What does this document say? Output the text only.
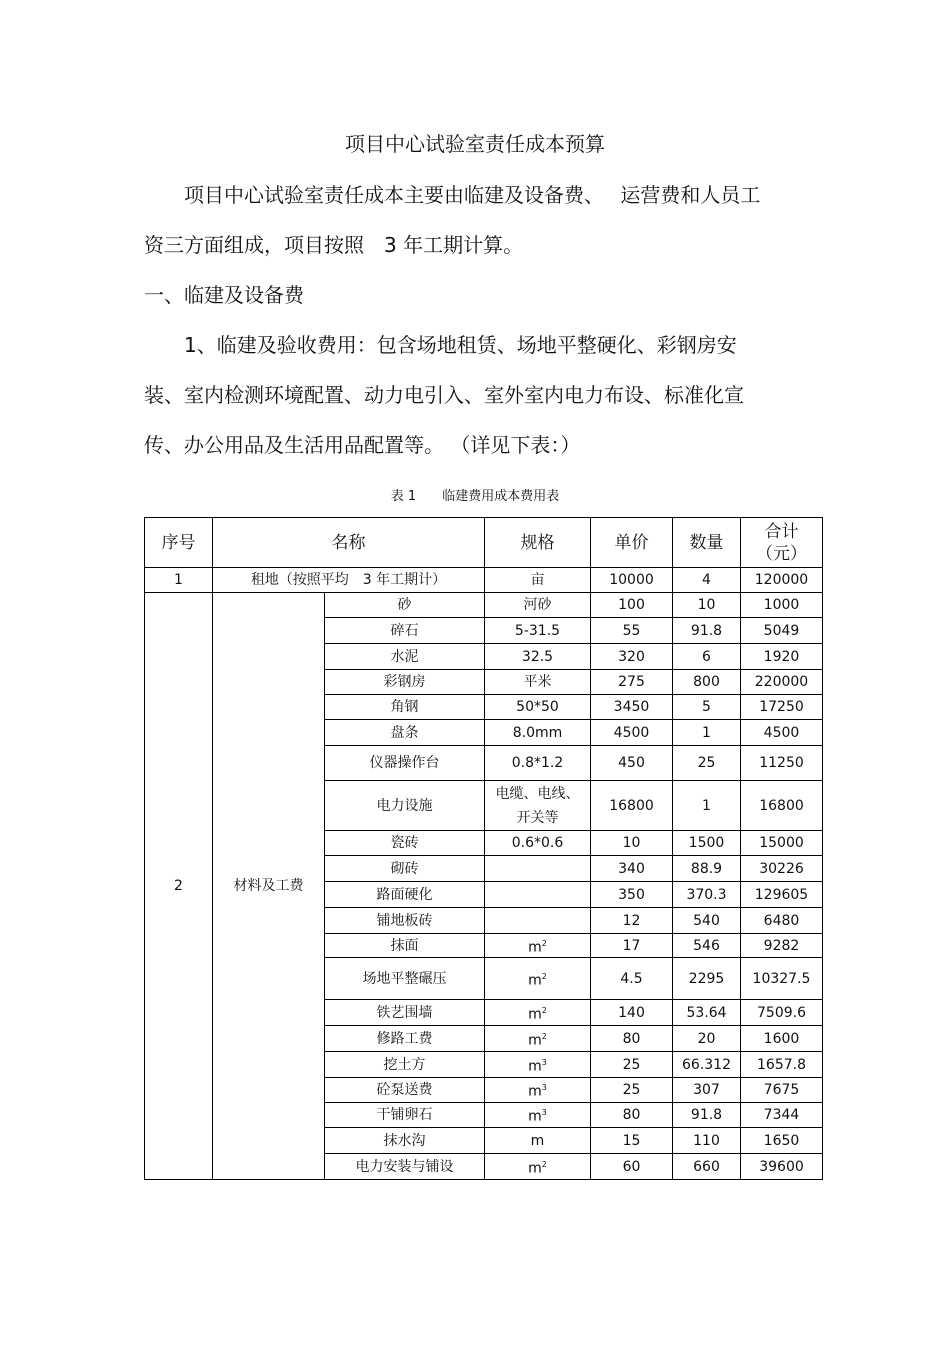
项目中心试验室责任成本预算
项目中心试验室责任成本主要由临建及设备费、　 运营费和人员工
资三方面组成，项目按照　3 年工期计算。
一、临建及设备费
1、临建及验收费用：包含场地租赁、场地平整硬化、彩钢房安
装、室内检测环境配置、动力电引入、室外室内电力布设、标准化宣
传、办公用品及生活用品配置等。 （详见下表：）
表 1　　临建费用成本费用表
序号	名称		规格	单价	数量	合计
（元）

1	租地（按照平均　3 年工期计）		亩	10000	4	120000
2	材料及工费	砂	河砂	100	10	1000
		碎石	5-31.5	55	91.8	5049
		水泥	32.5	320	6	1920
		彩钢房	平米	275	800	220000
		角钢	50*50	3450	5	17250
		盘条	8.0mm	4500	1	4500
		仪器操作台	0.8*1.2	450	25	11250
		电力设施	电缆、电线、
开关等	16800	1	16800
		瓷砖	0.6*0.6	10	1500	15000
		砌砖		340	88.9	30226
		路面硬化		350	370.3	129605
		铺地板砖		12	540	6480
		抹面	$m^2$	17	546	9282
		场地平整碾压	$m^2$	4.5	2295	10327.5
		铁艺围墙	$m^2$	140	53.64	7509.6
		修路工费	$m^2$	80	20	1600
		挖土方	$m^3$	25	66.312	1657.8
		砼泵送费	$m^3$	25	307	7675
		干铺卵石	$m^3$	80	91.8	7344
		抹水沟	m	15	110	1650
		电力安装与铺设	$m^2$	60	660	39600
